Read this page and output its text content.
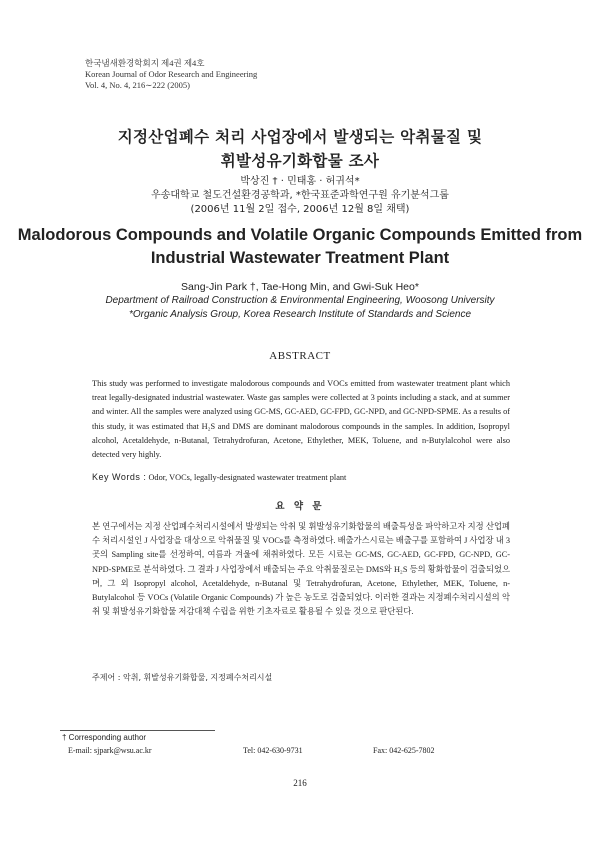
한국냄새환경학회지 제4권 제4호
Korean Journal of Odor Research and Engineering
Vol. 4, No. 4, 216∼222 (2005)
지정산업폐수 처리 사업장에서 발생되는 악취물질 및
휘발성유기화합물 조사
박상진 † · 민태홍 · 허귀석*
우송대학교 철도건설환경공학과, *한국표준과학연구원 유기분석그룹
(2006년 11월 2일 접수, 2006년 12월 8일 채택)
Malodorous Compounds and Volatile Organic Compounds Emitted from
Industrial Wastewater Treatment Plant
Sang-Jin Park †, Tae-Hong Min, and Gwi-Suk Heo*
Department of Railroad Construction & Environmental Engineering, Woosong University
*Organic Analysis Group, Korea Research Institute of Standards and Science
ABSTRACT
This study was performed to investigate malodorous compounds and VOCs emitted from wastewater treatment plant which treat legally-designated industrial wastewater. Waste gas samples were collected at 3 points including a stack, and at summer and winter. All the samples were analyzed using GC-MS, GC-AED, GC-FPD, GC-NPD, and GC-NPD-SPME. As a results of this study, it was estimated that H₂S and DMS are dominant malodorous compounds in the samples. In addition, Isopropyl alcohol, Acetaldehyde, n-Butanal, Tetrahydrofuran, Acetone, Ethylether, MEK, Toluene, and n-Butylalcohol were also detected very highly.
Key Words : Odor, VOCs, legally-designated wastewater treatment plant
요 약 문
본 연구에서는 지정 산업폐수처리시설에서 발생되는 악취 및 휘발성유기화합물의 배출특성을 파악하고자 지정 산업폐수 처리시설인 J 사업장을 대상으로 악취물질 및 VOCs를 측정하였다. 배출가스시료는 배출구를 포함하여 J 사업장 내 3곳의 Sampling site를 선정하여, 여름과 겨울에 채취하였다. 모든 시료는 GC-MS, GC-AED, GC-FPD, GC-NPD, GC-NPD-SPME로 분석하였다. 그 결과 J 사업장에서 배출되는 주요 악취물질로는 DMS와 H₂S 등의 황화합물이 검출되었으며, 그 외 Isopropyl alcohol, Acetaldehyde, n-Butanal 및 Tetrahydrofuran, Acetone, Ethylether, MEK, Toluene, n-Butylalcohol 등 VOCs (Volatile Organic Compounds) 가 높은 농도로 검출되었다. 이러한 결과는 지정폐수처리시설의 악취 및 휘발성유기화합물 저감대책 수립을 위한 기초자료로 활용될 수 있을 것으로 판단된다.
주제어 : 악취, 휘발성유기화합물, 지정폐수처리시설
† Corresponding author
E-mail: sjpark@wsu.ac.kr	Tel: 042-630-9731	Fax: 042-625-7802
216
